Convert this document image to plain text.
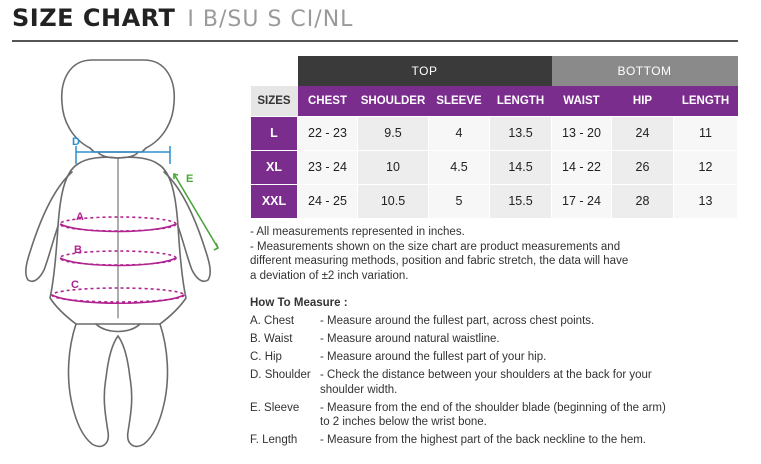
SIZE CHART I B/SU S CI/NL
D
E
A
B
C
	TOP				BOTTOM		
SIZES	CHEST	SHOULDER	SLEEVE	LENGTH	WAIST	HIP	LENGTH
L	22 - 23	9.5	4	13.5	13 - 20	24	11
XL	23 - 24	10	4.5	14.5	14 - 22	26	12
XXL	24 - 25	10.5	5	15.5	17 - 24	28	13
- All measurements represented in inches.
- Measurements shown on the size chart are product measurements and
different measuring methods, position and fabric stretch, the data will have
a deviation of ±2 inch variation.
How To Measure :
A. Chest	- Measure around the fullest part, across chest points.
B. Waist	- Measure around natural waistline.
C. Hip	- Measure around the fullest part of your hip.
D. Shoulder - Check the distance between your shoulders at the back for your
shoulder width.
E. Sleeve	- Measure from the end of the shoulder blade (beginning of the arm)
to 2 inches below the wrist bone.
F. Length	- Measure from the highest part of the back neckline to the hem.
